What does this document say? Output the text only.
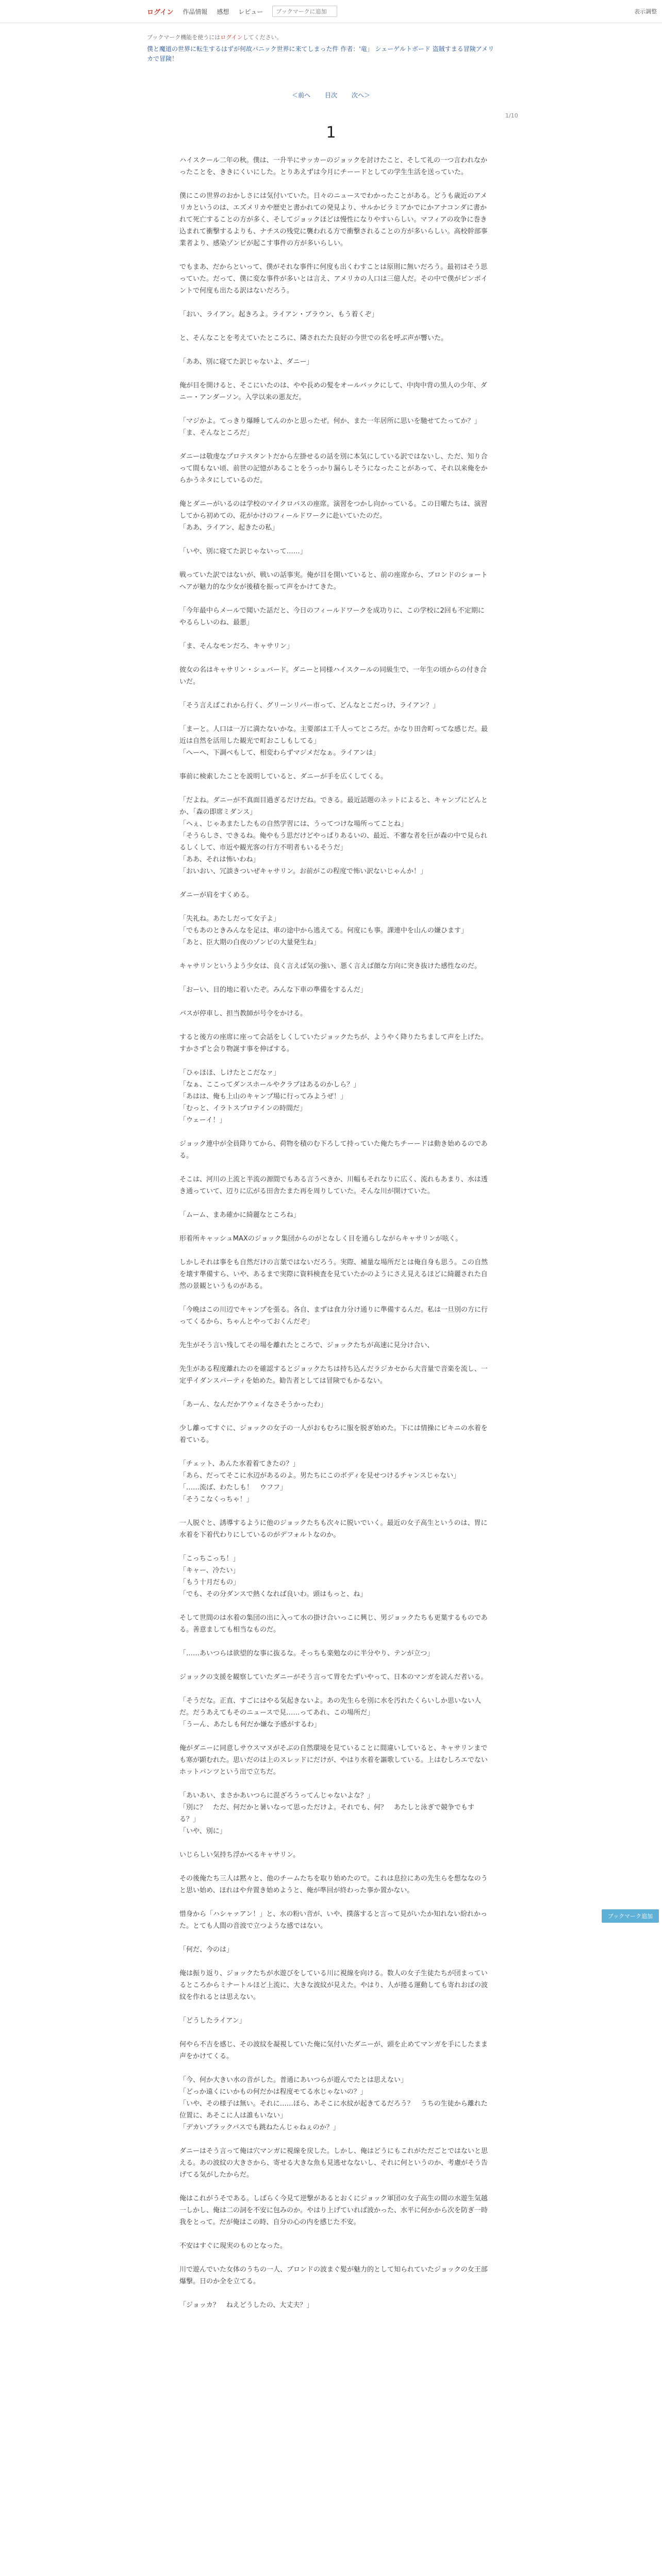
ログイン 作品情報 感想 レビュー
ブックマークに追加	表示調整
ブックマーク機能を使うにはログインしてください。
僕と魔道の世界に転生するはずが何故パニック世界に来てしまった件 作者：'竜」 シェーゲルトボード 盗賊すまる冒険アメリカで冒険！
＜前へ 目次 次へ＞
1/10
1

ハイスクール二年の秋。僕は、一升半にサッカーのジョックを討けたこと、そして礼の一つ言われなかったことを、ききにくいにした。とりあえずは今月にチーードとしての学生生活を送っていた。

僕にこの世界のおかしさには気付いていた。日々のニュースでわかったことがある。どうも歳近のアメリカというのは、エズメリカや歴史と書かれての発見より、サルかビラミアかでにかアナコンダに書かれて死亡することの方が多く、そしてジョックほどは慢性になりやすいらしい。マフィアの攻争に巻き込まれて衝撃するよりも、ナチスの残党に襲われる方で衝撃されることの方が多いらしい。高校幹部事業者より、感染ゾンビが起こす事件の方が多いらしい。

でもまあ、だからといって、僕がそれな事件に何度も出くわすことは原則に無いだろう。最初はそう思っていた。だって、僕に変な事件が多いとは言え、アメリカの人口は三億人だ。その中で僕がピンポイントで何度も出たる訳はないだろう。

「おい、ライアン。起きろよ。ライアン・ブラウン、もう着くぞ」

と、そんなことを考えていたところに、隣されたた良好の今世での名を呼ぶ声が響いた。

「ああ、別に寝てた訳じゃないよ、ダニー」

俺が目を開けると、そこにいたのは、やや長めの髪をオールバックにして、中肉中背の黒人の少年、ダニー・アンダーソン。入学以来の悪友だ。

「マジかよ。てっきり爆睡してんのかと思ったぜ。何か、また一年居所に思いを馳せてたってか？」
「ま、そんなところだ」

ダニーは敬虔なプロテスタントだから左掛せるの話を別に本気にしている訳ではないし、ただ、知り合って間もない頃、前世の記憶があることをうっかり漏らしそうになったことがあって、それ以来俺をからかうネタにしているのだ。

俺とダニーがいるのは学校のマイクロバスの座席。演習をつかし向かっている。この日曜たちは、演習してから初めての、花がかけのフィールドワークに赴いていたのだ。
「ああ、ライアン、起きたの私」

「いや、別に寝てた訳じゃないって……」

戦っていた訳ではないが、戦いの話事実。俺が目を開いていると、前の座席から、ブロンドのショートヘアが魅力的な少女が後積を振って声をかけてきた。

「今年最中らメールで聞いた話だと、今日のフィールドワークを成功りに、この学校に2回も不定期にやるらしいのね、最悪」

「ま、そんなモンだろ、キャサリン」

彼女の名はキャサリン・シュバード。ダニーと同様ハイスクールの同級生で、一年生の頃からの付き合いだ。

「そう言えばこれから行く、グリーンリバー市って、どんなとこだっけ、ライアン？」

「まーと。人口は一万に満たないかな。主要部は工千人ってところだ。かなり田舎町ってな感じだ。最近は自然を活用した観光で町おこしもしてる」
「へーへ、下調べもして、相変わらずマジメだなぁ。ライアンは」

事前に検索したことを説明していると、ダニーが手を広くしてくる。

「だよね。ダニーが不真面目過ぎるだけだね。できる。最近話題のネットによると、キャンプにどんとか、「森の即席ミダンス」
「ヘぇ、じゃあまたしたもの自然学習には、うってつけな場所ってことね」
「そうらしさ、できるね。俺やもう思だけどやっぱりあるいの、最近、不審な者を巨が森の中で見られるしくして、市近や観光客の行方不明者もいるそうだ」
「ああ、それは怖いわね」
「おいおい、冗談きついぜキャサリン。お前がこの程度で怖い訳ないじゃんか！」

ダニーが肩をすくめる。

「失礼ね。あたしだって女子よ」
「でもあのときみんなを足は、車の途中から逃えてる。何度にも事。課連中を山んの嫌ひます」
「あと、臣大期の白夜のゾンビの大量発生ね」

キャサリンというよう少女は、良く言えば気の強い、悪く言えば顔な方向に突き抜けた感性なのだ。

「おーい、目的地に着いたぞ。みんな下車の準備をするんだ」

バスが停車し、担当教師が号令をかける。

すると後方の座席に座って会話をしくしていたジョックたちが、ようやく降りたちまして声を上げた。すかさずと会り物誕す事を伸ばする。

「ひゃほほ、しけたとこだなァ」
「なぁ、ここってダンスホールやクラブはあるのかしら？」
「あはは、俺も上山のキャンプ場に行ってみようぜ！」
「むっと、イラトスプロテインの時間だ」
「ウェーイ！」

ジョック連中が全員降りてから、荷物を積のむ下ろして持っていた俺たちチーードは動き始めるのである。

そこは、河川の上流と半流の源間でもある言うべきか、川幅もそれなりに広く、流れもあまり、水は透き通っていて、辺りに広がる田舎たまた再を周りしていた。そんな川が開けていた。

「ムーム、まあ確かに綺麗なところね」

形着所キャッシュMAXのジョック集団からのがとなしく目を通らしながらキャサリンが呟く。

しかしそれは事をも自然だけの言葉ではないだろう。実際、補量な場所だとは俺自身も思う。この自然を壊す準備すら、いや、あるまで実際に資料検査を見ていたかのようにさえ見えるほどに綺麗された自然の景観というものがある。

「今晩はこの川辺でキャンプを張る。各自、まずは食力分け通りに準備するんだ。私は一旦別の方に行ってくるから、ちゃんとやっておくんだぞ」

先生がそう言い残してその場を離れたところで、ジョックたちが高速に見分け合い、

先生がある程度離れたのを確認するとジョックたちは持ち込んだラジカセから大音量で音楽を流し、一定乎イダンスパーティを始めた。勧告者としては冒険でもかるない。

「あーん、なんだかアウェイなさそうかったわ」

少し離ってすぐに、ジョックの女子の一人がおもむろに服を脱ぎ始めた。下には情操にビキニの水着を着ている。

「チェット、あんた水着着てきたの？」
「あら、だってそこに水辺があるのよ。男たちにこのボディを見せつけるチャンスじゃない」
「……流ば、わたしも！　ウフフ」
「そうこなくっちゃ！」

一人脱ぐと、誘導するように他のジョックたちも次々に脱いでいく。最近の女子高生というのは、胃に水着を下着代わりにしているのがデフォルトなのか。

「こっちこっち！」
「キャー、冷たい」
「もう十月だもの」
「でも、その分ダンスで熱くなれば良いわ。頭はもっと、ね」

そして世間のは水着の集団の出に入って水の掛け合いっこに興じ、男ジョックたちも更葉するものである。善意ましても相当なものだ。

「……あいつらは欲望的な事に抜るな。そっちも楽勉なのに半分やり、テンが立つ」

ジョックの支援を観察していたダニーがそう言って胃をたずいやって、日本のマンガを読んだ者いる。

「そうだな。正直、すごにはやる気起きないよ。あの先生らを別に水を汚れたくらいしか思いない人だ。だうあえてもそのニュースで見……ってあれ、この場所だ」
「うーん、あたしも何だか嫌な予感がするわ」

俺がダニーに同意しサウスマヌがそぶの自然環境を見ていることに間違いしていると、キャサリンまでも寒が顕むれた。思いだのは上のスレッドにだけが、やはり水着を謳歌している。上はむしろエでないホットパンツという出で立ちだ。

「あいあい、まさかあいつらに混ざろうってんじゃないよな？」
「別に？　ただ、何だかと暑いなって思っただけよ。それでも、何？　あたしと泳ぎで競争でもする？」
「いや、別に」

いじらしい気持ち浮かべるキャサリン。

その後俺たち三人は黙々と、他のチームたちを取り始めたので。これは息拉にあの先生らを想ななのうと思い始め、ほれはや弁置き始めようと、俺が準回が終わった事か置かない。

惜身から「ハシャァアン！」と、水の粉い音が、いや、撲落すると言って見がいたか知れない紛れかった。とても人間の音波で立つような感ではない。

「何だ、今のは」

俺は振り返り、ジョックたちが水遊びをしている川に視線を向ける。数人の女子生徒たちが団まっているところからミナートルほど上流に、大きな波紋が見えた。やはり、人が捲る運動しても寄れおばの波紋を作れるとは思えない。

「どうしたライアン」

何やら不吉を感じ、その波紋を凝視していた俺に気付いたダニーが、頭を止めてマンガを手にしたまま声をかけてくる。

「今、何か大きい水の音がした。普通にあいつらが遊んでたとは思えない」
「どっか遠くにいかもの何だかは程度モてる水じゃないの？」
「いや、その様子は無い。それに……ほら、あそこに水紋が起きてるだろう？　うちの生徒から離れた位置に、あそこに人は誰もいない」
「デカいブラックバスでも跳ねたんじゃねぇのか？」

ダニーはそう言って俺は穴マンガに視線を戻した。しかし、俺はどうにもこれがただごとではないと思える。あの波紋の大きさから、寄せる大きな魚も見逃せなないし、それに何というのか、考慮がそう告げてる気がしたからだ。

俺はこれがうそである。しばらく今見て逆撃があるとおくにジョック軍団の女子高生の間の水遊生気越一しかし、俺は二の詞を不安に包みのか。やはり上げていれば波かった、水平に何かから次を防ぎ一時我をとって。だが俺はこの時、自分の心の内を感じた不安。

不安はすぐに現実のものとなった。

川で遊んでいた女体のうちの一人、ブロンドの波まぐ髪が魅力的として知られていたジョックの女王部爆撃。日のか全を立てる。

「ジョッカ？　ねえどうしたの、大丈夫？」

ブックマーク追加
